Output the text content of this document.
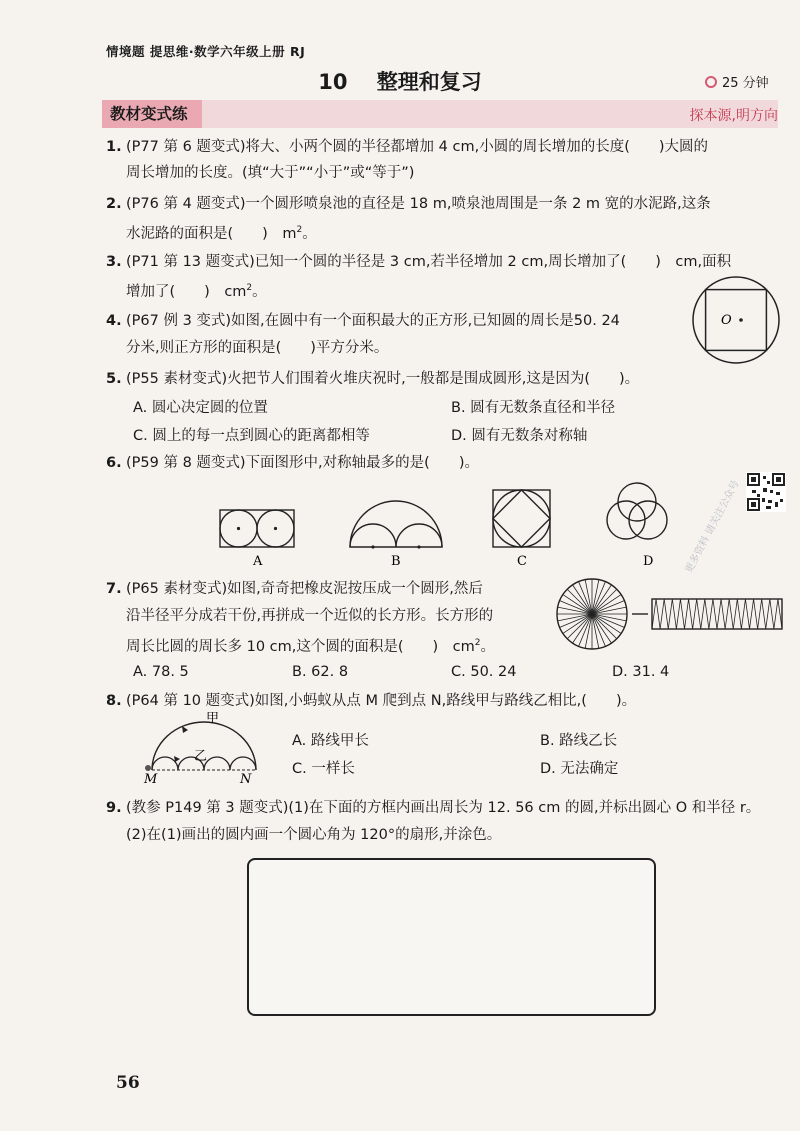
情境题 提思维·数学六年级上册 RJ
10 整理和复习	25 分钟
教材变式练	探本源,明方向
1. (P77 第 6 题变式)将大、小两个圆的半径都增加 4 cm,小圆的周长增加的长度(　　)大圆的
周长增加的长度。(填“大于”“小于”或“等于”)
2. (P76 第 4 题变式)一个圆形喷泉池的直径是 18 m,喷泉池周围是一条 2 m 宽的水泥路,这条
水泥路的面积是(　　)　$m^2$。
3. (P71 第 13 题变式)已知一个圆的半径是 3 cm,若半径增加 2 cm,周长增加了(　　)　cm,面积
增加了(　　)　$cm^2$。
4. (P67 例 3 变式)如图,在圆中有一个面积最大的正方形,已知圆的周长是50. 24
分米,则正方形的面积是(　　)平方分米。
O
5. (P55 素材变式)火把节人们围着火堆庆祝时,一般都是围成圆形,这是因为(　　)。
A. 圆心决定圆的位置	B. 圆有无数条直径和半径
C. 圆上的每一点到圆心的距离都相等	D. 圆有无数条对称轴
6. (P59 第 8 题变式)下面图形中,对称轴最多的是(　　)。
A	B	C	D
7. (P65 素材变式)如图,奇奇把橡皮泥按压成一个圆形,然后
沿半径平分成若干份,再拼成一个近似的长方形。长方形的
周长比圆的周长多 10 cm,这个圆的面积是(　　)　$cm^2$。
A. 78. 5	B. 62. 8	C. 50. 24	D. 31. 4
8. (P64 第 10 题变式)如图,小蚂蚁从点 M 爬到点 N,路线甲与路线乙相比,(　　)。
甲
乙
M	N
A. 路线甲长	B. 路线乙长
C. 一样长	D. 无法确定
9. (教参 P149 第 3 题变式)(1)在下面的方框内画出周长为 12. 56 cm 的圆,并标出圆心 O 和半径 r。
(2)在(1)画出的圆内画一个圆心角为 120°的扇形,并涂色。
更多资料 请关注公众号
56
